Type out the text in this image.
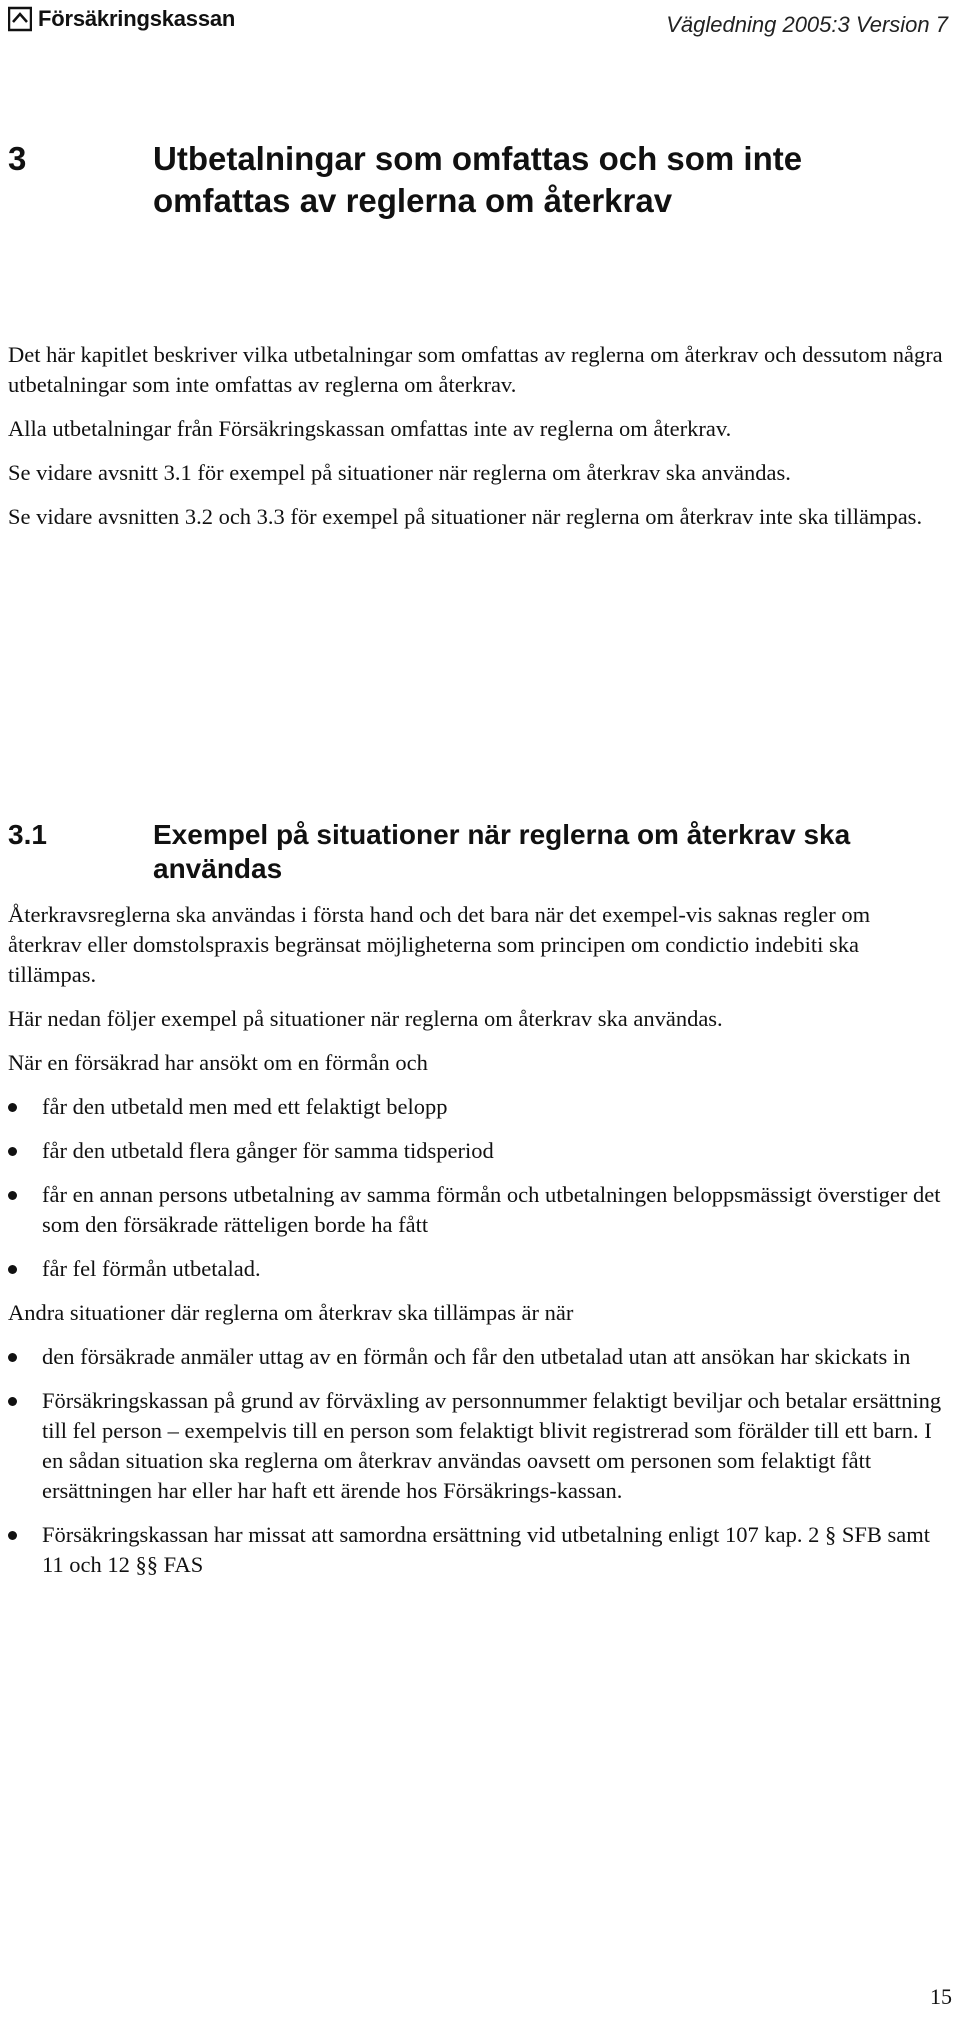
Försäkringskassan	Vägledning 2005:3 Version 7
3	Utbetalningar som omfattas och som inte omfattas av reglerna om återkrav

Det här kapitlet beskriver vilka utbetalningar som omfattas av reglerna om återkrav och dessutom några utbetalningar som inte omfattas av reglerna om återkrav.

Alla utbetalningar från Försäkringskassan omfattas inte av reglerna om återkrav.

Se vidare avsnitt 3.1 för exempel på situationer när reglerna om återkrav ska användas.

Se vidare avsnitten 3.2 och 3.3 för exempel på situationer när reglerna om återkrav inte ska tillämpas.

3.1	Exempel på situationer när reglerna om återkrav ska användas

Återkravsreglerna ska användas i första hand och det bara när det exempel-vis saknas regler om återkrav eller domstolspraxis begränsat möjligheterna som principen om condictio indebiti ska tillämpas.

Här nedan följer exempel på situationer när reglerna om återkrav ska användas.

När en försäkrad har ansökt om en förmån och

får den utbetald men med ett felaktigt belopp
får den utbetald flera gånger för samma tidsperiod
får en annan persons utbetalning av samma förmån och utbetalningen beloppsmässigt överstiger det som den försäkrade rätteligen borde ha fått
får fel förmån utbetalad.

Andra situationer där reglerna om återkrav ska tillämpas är när

den försäkrade anmäler uttag av en förmån och får den utbetalad utan att ansökan har skickats in
Försäkringskassan på grund av förväxling av personnummer felaktigt beviljar och betalar ersättning till fel person – exempelvis till en person som felaktigt blivit registrerad som förälder till ett barn. I en sådan situation ska reglerna om återkrav användas oavsett om personen som felaktigt fått ersättningen har eller har haft ett ärende hos Försäkrings-kassan.
Försäkringskassan har missat att samordna ersättning vid utbetalning enligt 107 kap. 2 § SFB samt 11 och 12 §§ FAS
15
